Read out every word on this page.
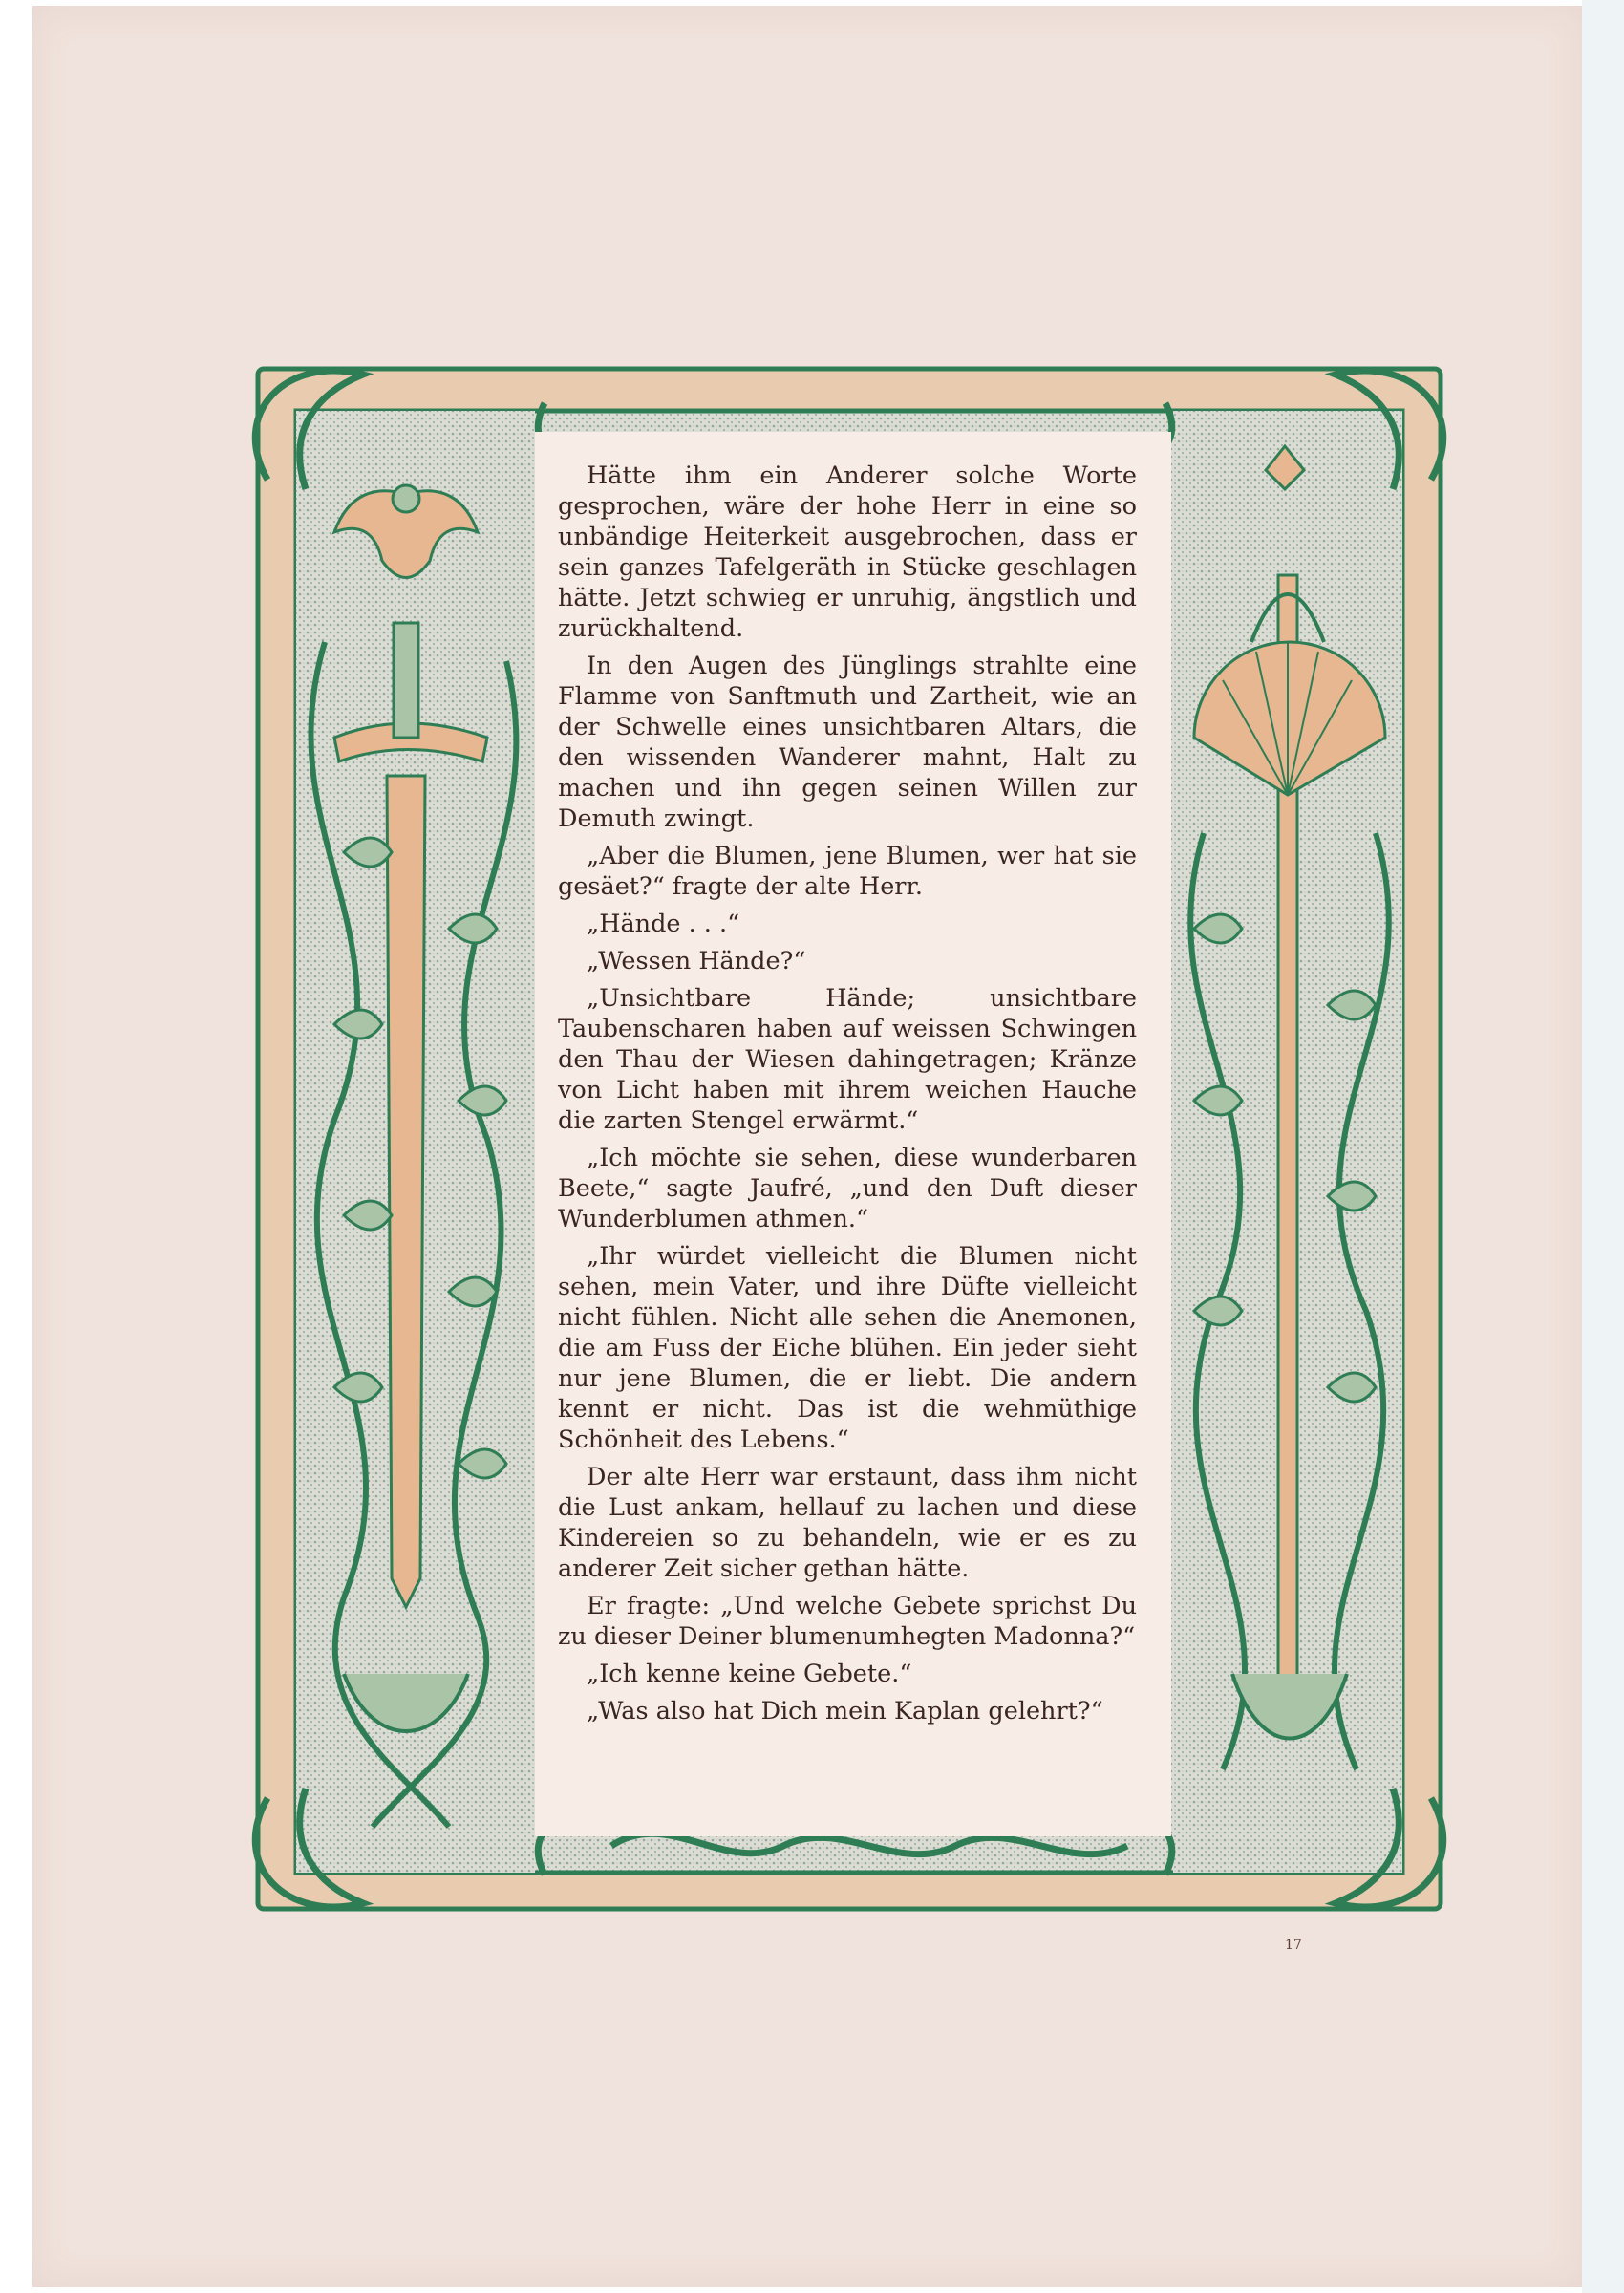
Hätte ihm ein Anderer solche Worte gesprochen, wäre der hohe Herr in eine so unbändige Heiterkeit ausgebrochen, dass er sein ganzes Tafelgeräth in Stücke geschlagen hätte. Jetzt schwieg er unruhig, ängstlich und zurückhaltend.

In den Augen des Jünglings strahlte eine Flamme von Sanftmuth und Zartheit, wie an der Schwelle eines unsichtbaren Altars, die den wissenden Wanderer mahnt, Halt zu machen und ihn gegen seinen Willen zur Demuth zwingt.

„Aber die Blumen, jene Blumen, wer hat sie gesäet?“ fragte der alte Herr.

„Hände . . .“

„Wessen Hände?“

„Unsichtbare Hände; unsichtbare Taubenscharen haben auf weissen Schwingen den Thau der Wiesen dahingetragen; Kränze von Licht haben mit ihrem weichen Hauche die zarten Stengel erwärmt.“

„Ich möchte sie sehen, diese wunderbaren Beete,“ sagte Jaufré, „und den Duft dieser Wunderblumen athmen.“

„Ihr würdet vielleicht die Blumen nicht sehen, mein Vater, und ihre Düfte vielleicht nicht fühlen. Nicht alle sehen die Anemonen, die am Fuss der Eiche blühen. Ein jeder sieht nur jene Blumen, die er liebt. Die andern kennt er nicht. Das ist die wehmüthige Schönheit des Lebens.“

Der alte Herr war erstaunt, dass ihm nicht die Lust ankam, hellauf zu lachen und diese Kindereien so zu behandeln, wie er es zu anderer Zeit sicher gethan hätte.

Er fragte: „Und welche Gebete sprichst Du zu dieser Deiner blumenumhegten Madonna?“

„Ich kenne keine Gebete.“

„Was also hat Dich mein Kaplan gelehrt?“

17
